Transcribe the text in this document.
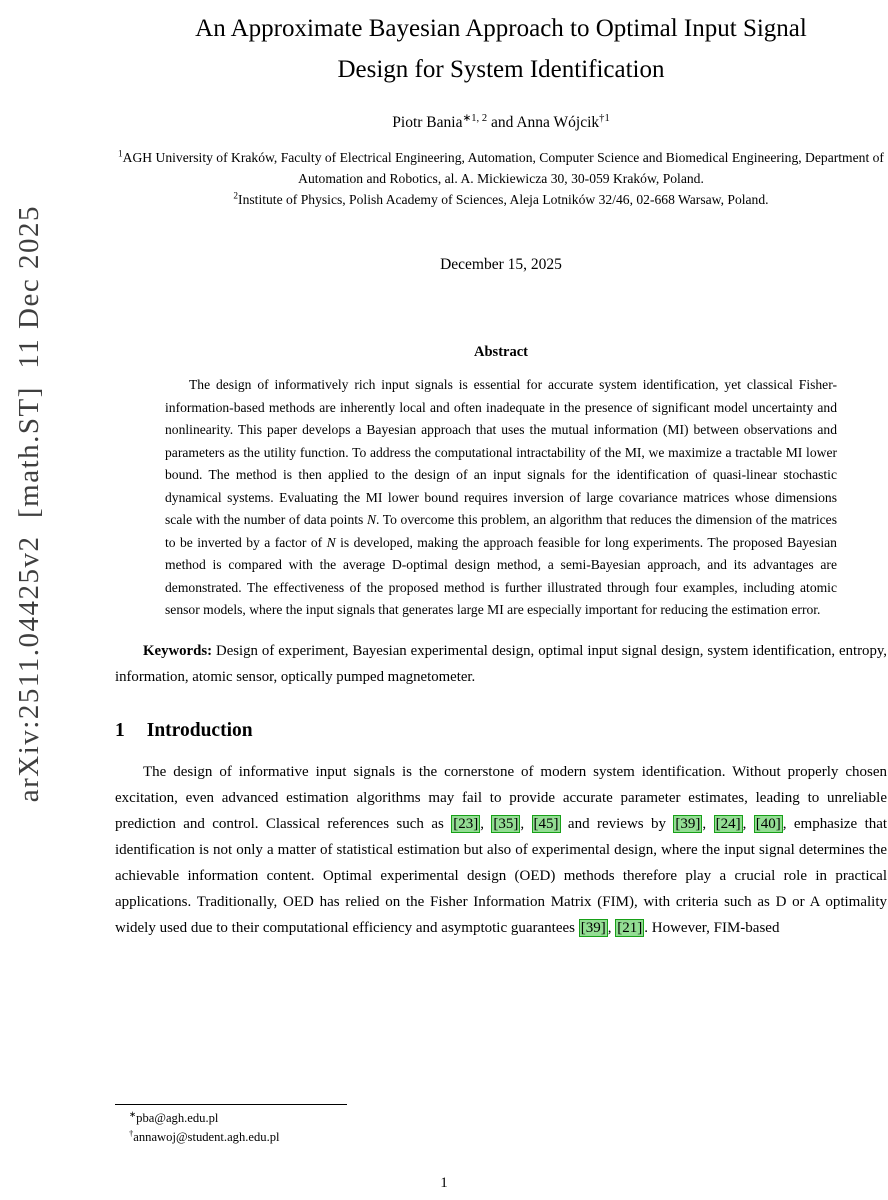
arXiv:2511.04425v2  [math.ST]  11 Dec 2025
An Approximate Bayesian Approach to Optimal Input Signal
Design for System Identification
Piotr Bania$^{∗1, 2}$ and Anna Wójcik$^{\dagger 1}$
$^1$AGH University of Kraków, Faculty of Electrical Engineering, Automation, Computer Science and Biomedical Engineering, Department of Automation and Robotics, al. A. Mickiewicza 30, 30-059 Kraków, Poland.
$^2$Institute of Physics, Polish Academy of Sciences, Aleja Lotników 32/46, 02-668 Warsaw, Poland.
December 15, 2025
Abstract

The design of informatively rich input signals is essential for accurate system identification, yet classical Fisher-information-based methods are inherently local and often inadequate in the presence of significant model uncertainty and nonlinearity. This paper develops a Bayesian approach that uses the mutual information (MI) between observations and parameters as the utility function. To address the computational intractability of the MI, we maximize a tractable MI lower bound. The method is then applied to the design of an input signals for the identification of quasi-linear stochastic dynamical systems. Evaluating the MI lower bound requires inversion of large covariance matrices whose dimensions scale with the number of data points N. To overcome this problem, an algorithm that reduces the dimension of the matrices to be inverted by a factor of N is developed, making the approach feasible for long experiments. The proposed Bayesian method is compared with the average D-optimal design method, a semi-Bayesian approach, and its advantages are demonstrated. The effectiveness of the proposed method is further illustrated through four examples, including atomic sensor models, where the input signals that generates large MI are especially important for reducing the estimation error.

Keywords: Design of experiment, Bayesian experimental design, optimal input signal design, system identification, entropy, information, atomic sensor, optically pumped magnetometer.

1 Introduction

The design of informative input signals is the cornerstone of modern system identification. Without properly chosen excitation, even advanced estimation algorithms may fail to provide accurate parameter estimates, leading to unreliable prediction and control. Classical references such as [23] , [35] , [45] and reviews by [39] , [24] , [40] , emphasize that identification is not only a matter of statistical estimation but also of experimental design, where the input signal determines the achievable information content. Optimal experimental design (OED) methods therefore play a crucial role in practical applications. Traditionally, OED has relied on the Fisher Information Matrix (FIM), with criteria such as D or A optimality widely used due to their computational efficiency and asymptotic guarantees [39] , [21] . However, FIM-based

∗pba@agh.edu.pl
†annawoj@student.agh.edu.pl
1
